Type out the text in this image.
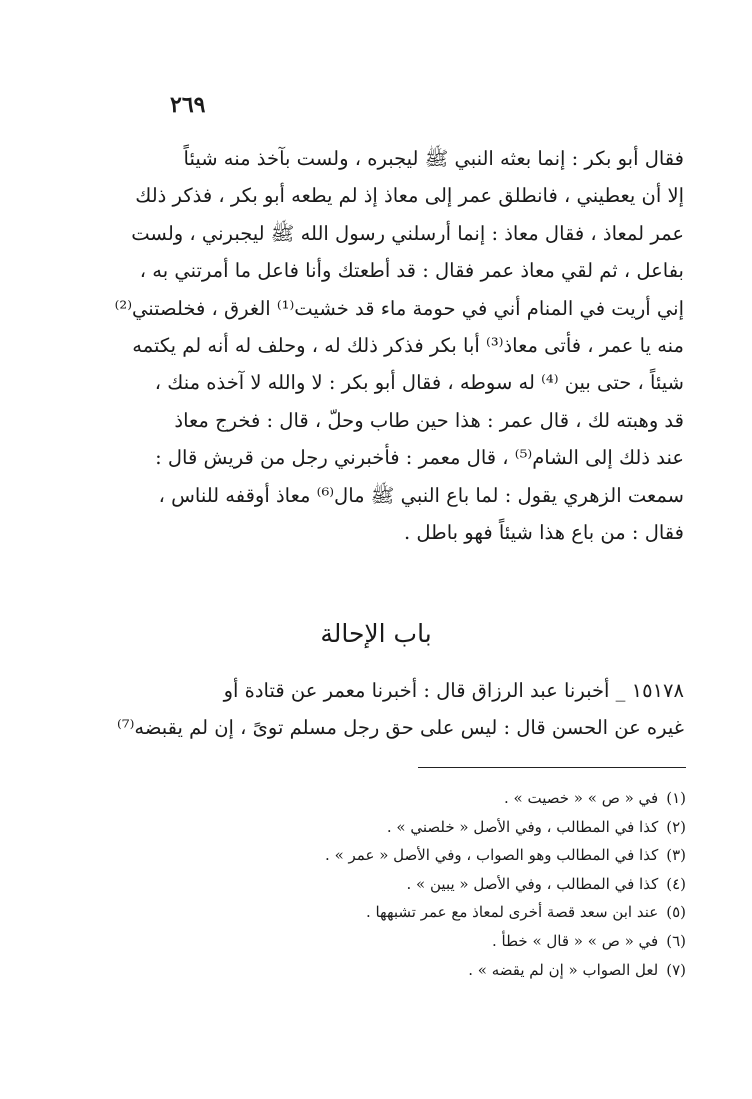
٢٦٩
فقال أبو بكر : إنما بعثه النبي ﷺ ليجبره ، ولست بآخذ منه شيئاً
إلا أن يعطيني ، فانطلق عمر إلى معاذ إذ لم يطعه أبو بكر ، فذكر ذلك
عمر لمعاذ ، فقال معاذ : إنما أرسلني رسول الله ﷺ ليجبرني ، ولست
بفاعل ، ثم لقي معاذ عمر فقال : قد أطعتك وأنا فاعل ما أمرتني به ،
إني أريت في المنام أني في حومة ماء قد خشيت⁽¹⁾ الغرق ، فخلصتني⁽²⁾
منه يا عمر ، فأتى معاذ⁽³⁾ أبا بكر فذكر ذلك له ، وحلف له أنه لم يكتمه
شيئاً ، حتى بين ⁽⁴⁾ له سوطه ، فقال أبو بكر : لا والله لا آخذه منك ،
قد وهبته لك ، قال عمر : هذا حين طاب وحلّ ، قال : فخرج معاذ
عند ذلك إلى الشام⁽⁵⁾ ، قال معمر : فأخبرني رجل من قريش قال :
سمعت الزهري يقول : لما باع النبي ﷺ مال⁽⁶⁾ معاذ أوقفه للناس ،
فقال : من باع هذا شيئاً فهو باطل .
باب الإحالة
١٥١٧٨ _ أخبرنا عبد الرزاق قال : أخبرنا معمر عن قتادة أو
غيره عن الحسن قال : ليس على حق رجل مسلم توىً ، إن لم يقبضه⁽⁷⁾
(١)في « ص » « خصيت » .
(٢)كذا في المطالب ، وفي الأصل « خلصني » .
(٣)كذا في المطالب وهو الصواب ، وفي الأصل « عمر » .
(٤)كذا في المطالب ، وفي الأصل « يبين » .
(٥)عند ابن سعد قصة أخرى لمعاذ مع عمر تشبهها .
(٦)في « ص » « قال » خطأ .
(٧)لعل الصواب « إن لم يقضه » .
